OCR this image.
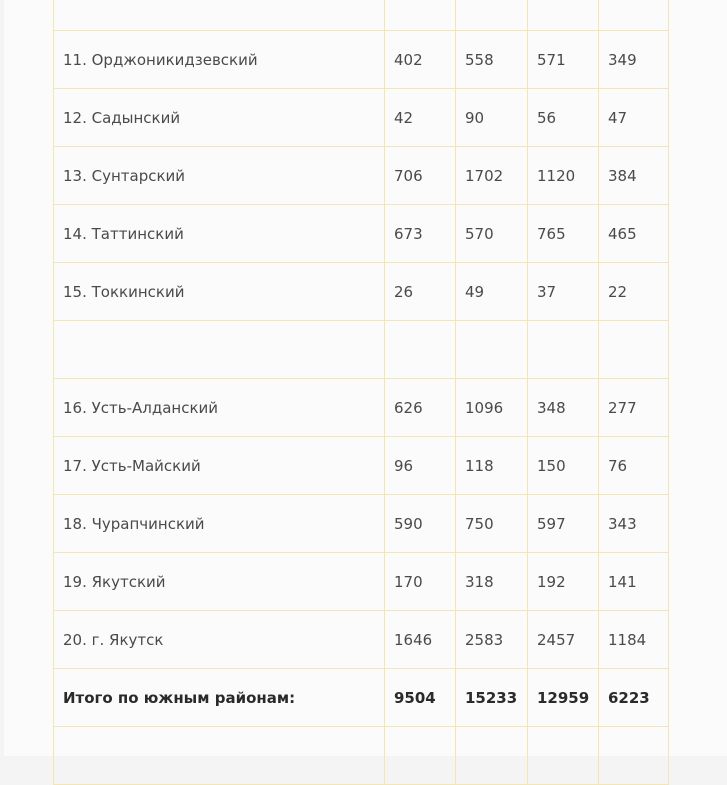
11. Орджоникидзевский	402	558	571	349
12. Садынский	42	90	56	47
13. Сунтарский	706	1702	1120	384
14. Таттинский	673	570	765	465
15. Токкинский	26	49	37	22

16. Усть-Алданский	626	1096	348	277
17. Усть-Майский	96	118	150	76
18. Чурапчинский	590	750	597	343
19. Якутский	170	318	192	141
20. г. Якутск	1646	2583	2457	1184
Итого по южным районам:	9504	15233	12959	6223
